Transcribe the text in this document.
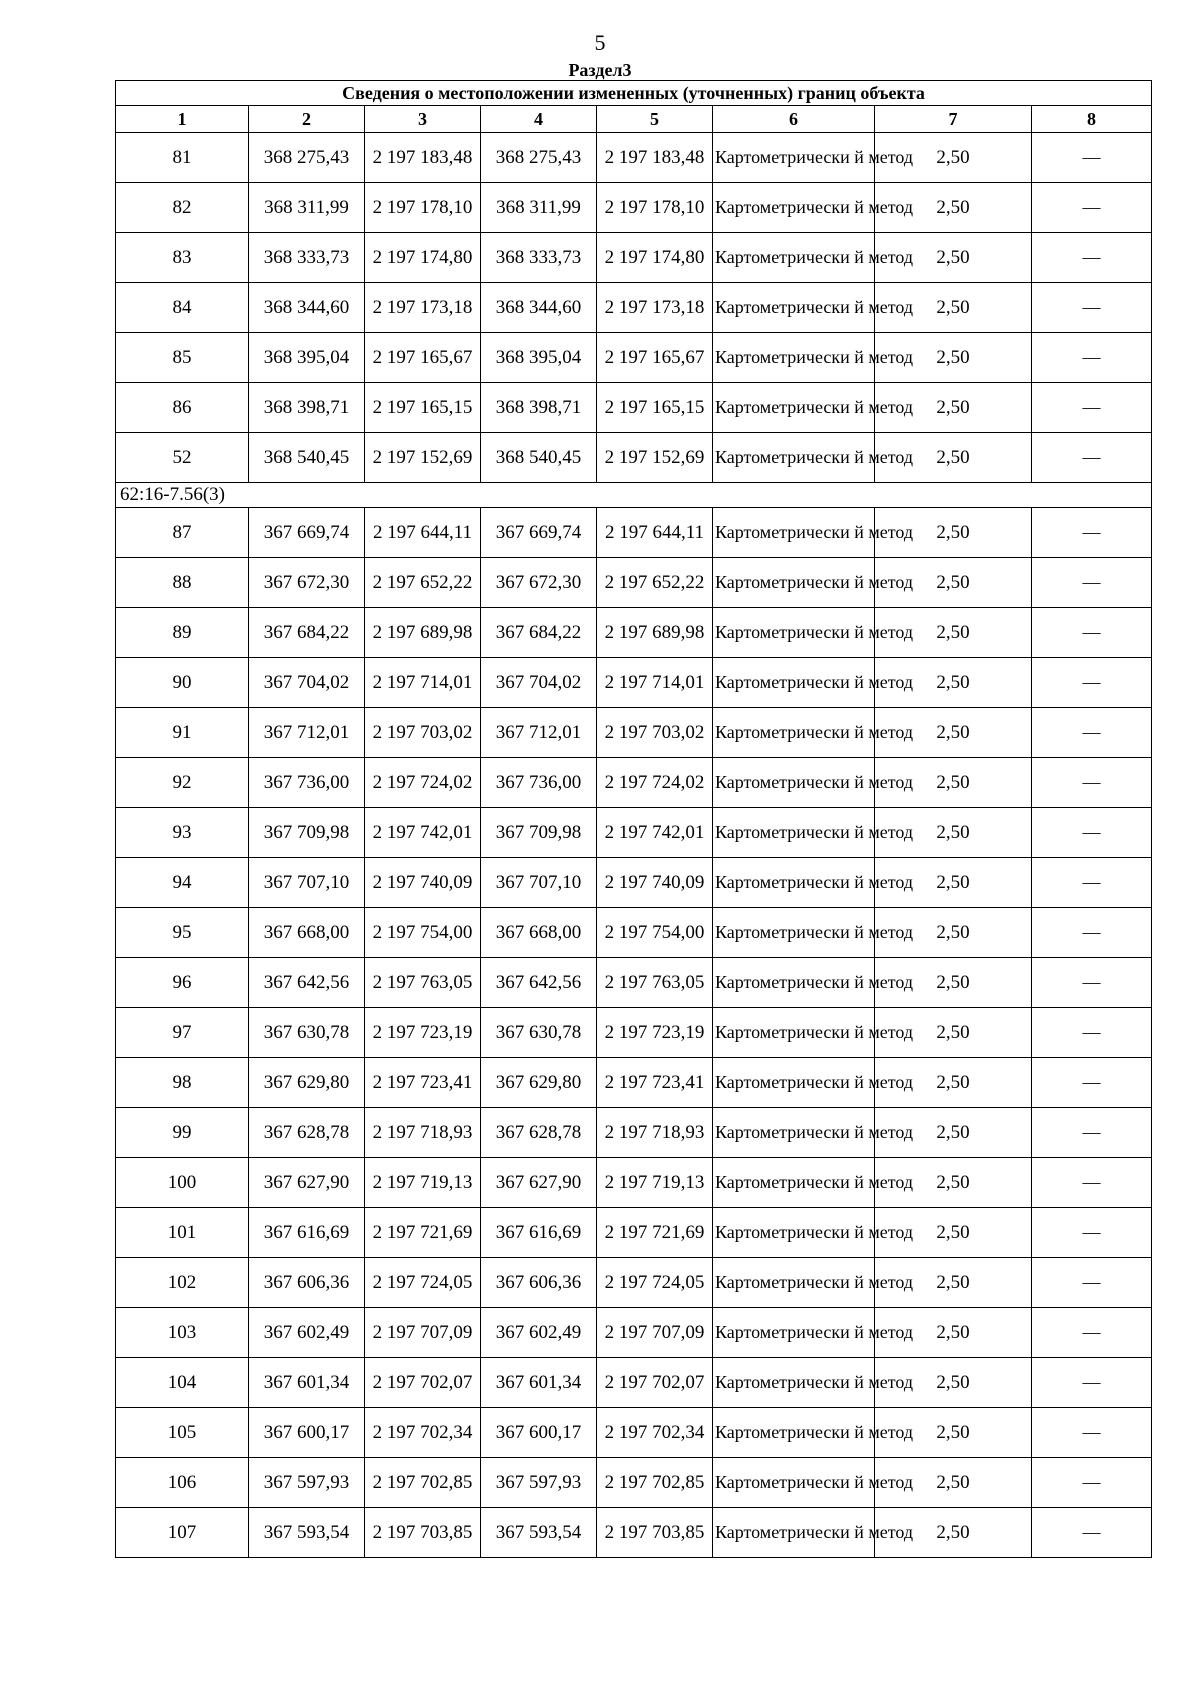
5
Раздел3
Сведения о местоположении измененных (уточненных) границ объекта							
1	2	3	4	5	6	7	8
81	368 275,43	2 197 183,48	368 275,43	2 197 183,48	Картометрически й метод	2,50	—
82	368 311,99	2 197 178,10	368 311,99	2 197 178,10	Картометрически й метод	2,50	—
83	368 333,73	2 197 174,80	368 333,73	2 197 174,80	Картометрически й метод	2,50	—
84	368 344,60	2 197 173,18	368 344,60	2 197 173,18	Картометрически й метод	2,50	—
85	368 395,04	2 197 165,67	368 395,04	2 197 165,67	Картометрически й метод	2,50	—
86	368 398,71	2 197 165,15	368 398,71	2 197 165,15	Картометрически й метод	2,50	—
52	368 540,45	2 197 152,69	368 540,45	2 197 152,69	Картометрически й метод	2,50	—
62:16-7.56(3)							
87	367 669,74	2 197 644,11	367 669,74	2 197 644,11	Картометрически й метод	2,50	—
88	367 672,30	2 197 652,22	367 672,30	2 197 652,22	Картометрически й метод	2,50	—
89	367 684,22	2 197 689,98	367 684,22	2 197 689,98	Картометрически й метод	2,50	—
90	367 704,02	2 197 714,01	367 704,02	2 197 714,01	Картометрически й метод	2,50	—
91	367 712,01	2 197 703,02	367 712,01	2 197 703,02	Картометрически й метод	2,50	—
92	367 736,00	2 197 724,02	367 736,00	2 197 724,02	Картометрически й метод	2,50	—
93	367 709,98	2 197 742,01	367 709,98	2 197 742,01	Картометрически й метод	2,50	—
94	367 707,10	2 197 740,09	367 707,10	2 197 740,09	Картометрически й метод	2,50	—
95	367 668,00	2 197 754,00	367 668,00	2 197 754,00	Картометрически й метод	2,50	—
96	367 642,56	2 197 763,05	367 642,56	2 197 763,05	Картометрически й метод	2,50	—
97	367 630,78	2 197 723,19	367 630,78	2 197 723,19	Картометрически й метод	2,50	—
98	367 629,80	2 197 723,41	367 629,80	2 197 723,41	Картометрически й метод	2,50	—
99	367 628,78	2 197 718,93	367 628,78	2 197 718,93	Картометрически й метод	2,50	—
100	367 627,90	2 197 719,13	367 627,90	2 197 719,13	Картометрически й метод	2,50	—
101	367 616,69	2 197 721,69	367 616,69	2 197 721,69	Картометрически й метод	2,50	—
102	367 606,36	2 197 724,05	367 606,36	2 197 724,05	Картометрически й метод	2,50	—
103	367 602,49	2 197 707,09	367 602,49	2 197 707,09	Картометрически й метод	2,50	—
104	367 601,34	2 197 702,07	367 601,34	2 197 702,07	Картометрически й метод	2,50	—
105	367 600,17	2 197 702,34	367 600,17	2 197 702,34	Картометрически й метод	2,50	—
106	367 597,93	2 197 702,85	367 597,93	2 197 702,85	Картометрически й метод	2,50	—
107	367 593,54	2 197 703,85	367 593,54	2 197 703,85	Картометрически й метод	2,50	—
